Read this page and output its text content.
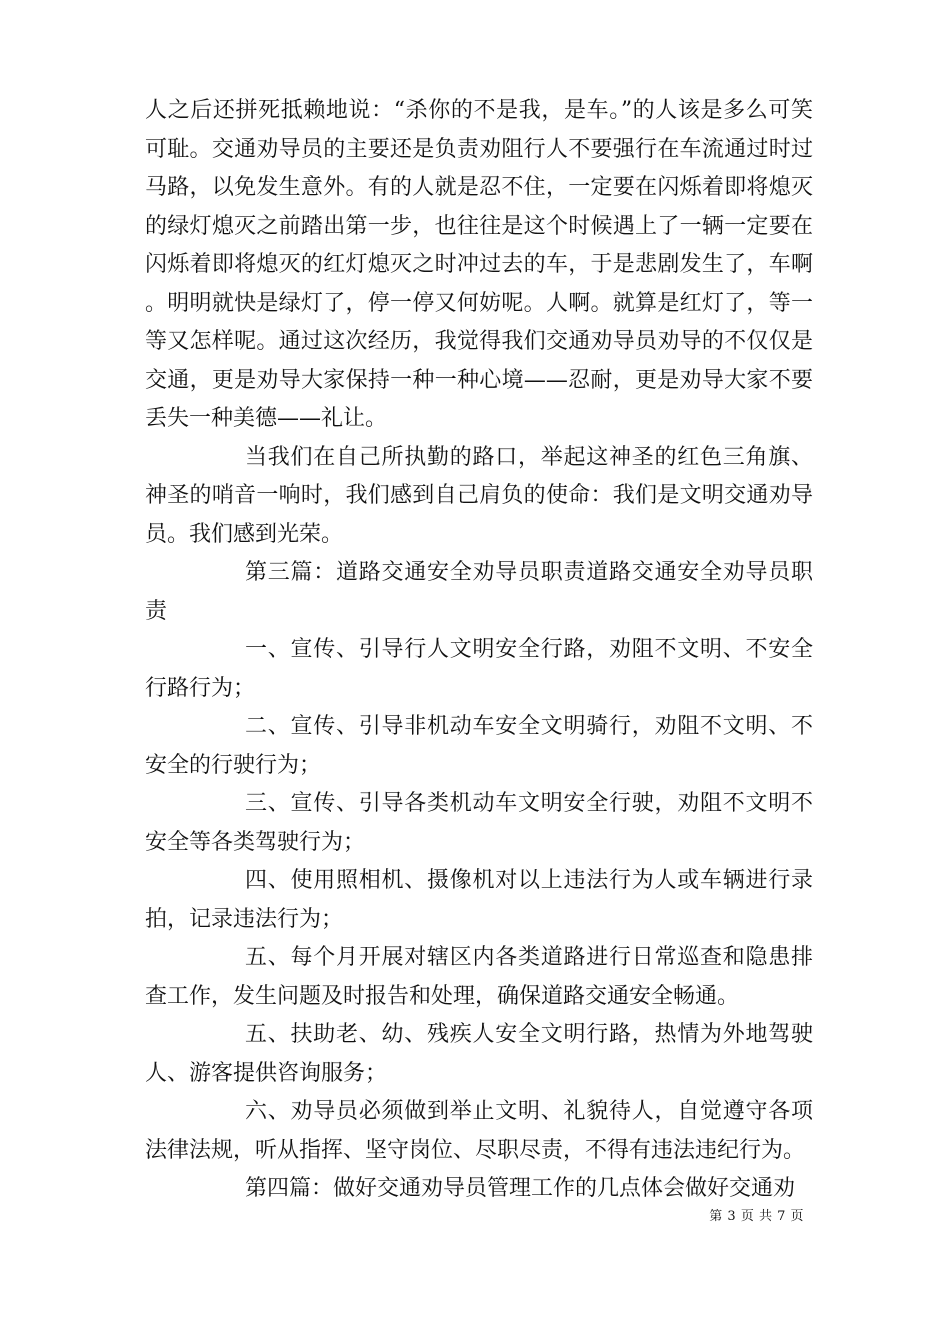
人之后还拼死抵赖地说：“杀你的不是我，是车。”的人该是多么可笑可耻。交通劝导员的主要还是负责劝阻行人不要强行在车流通过时过马路，以免发生意外。有的人就是忍不住，一定要在闪烁着即将熄灭的绿灯熄灭之前踏出第一步，也往往是这个时候遇上了一辆一定要在闪烁着即将熄灭的红灯熄灭之时冲过去的车，于是悲剧发生了，车啊。明明就快是绿灯了，停一停又何妨呢。人啊。就算是红灯了，等一等又怎样呢。通过这次经历，我觉得我们交通劝导员劝导的不仅仅是交通，更是劝导大家保持一种一种心境——忍耐，更是劝导大家不要丢失一种美德——礼让。

当我们在自己所执勤的路口，举起这神圣的红色三角旗、神圣的哨音一响时，我们感到自己肩负的使命：我们是文明交通劝导员。我们感到光荣。

第三篇：道路交通安全劝导员职责道路交通安全劝导员职责

一、宣传、引导行人文明安全行路，劝阻不文明、不安全行路行为；

二、宣传、引导非机动车安全文明骑行，劝阻不文明、不安全的行驶行为；

三、宣传、引导各类机动车文明安全行驶，劝阻不文明不安全等各类驾驶行为；

四、使用照相机、摄像机对以上违法行为人或车辆进行录拍，记录违法行为；

五、每个月开展对辖区内各类道路进行日常巡查和隐患排查工作，发生问题及时报告和处理，确保道路交通安全畅通。

五、扶助老、幼、残疾人安全文明行路，热情为外地驾驶人、游客提供咨询服务；

六、劝导员必须做到举止文明、礼貌待人，自觉遵守各项法律法规，听从指挥、坚守岗位、尽职尽责，不得有违法违纪行为。

第四篇：做好交通劝导员管理工作的几点体会做好交通劝

第 3 页 共 7 页
